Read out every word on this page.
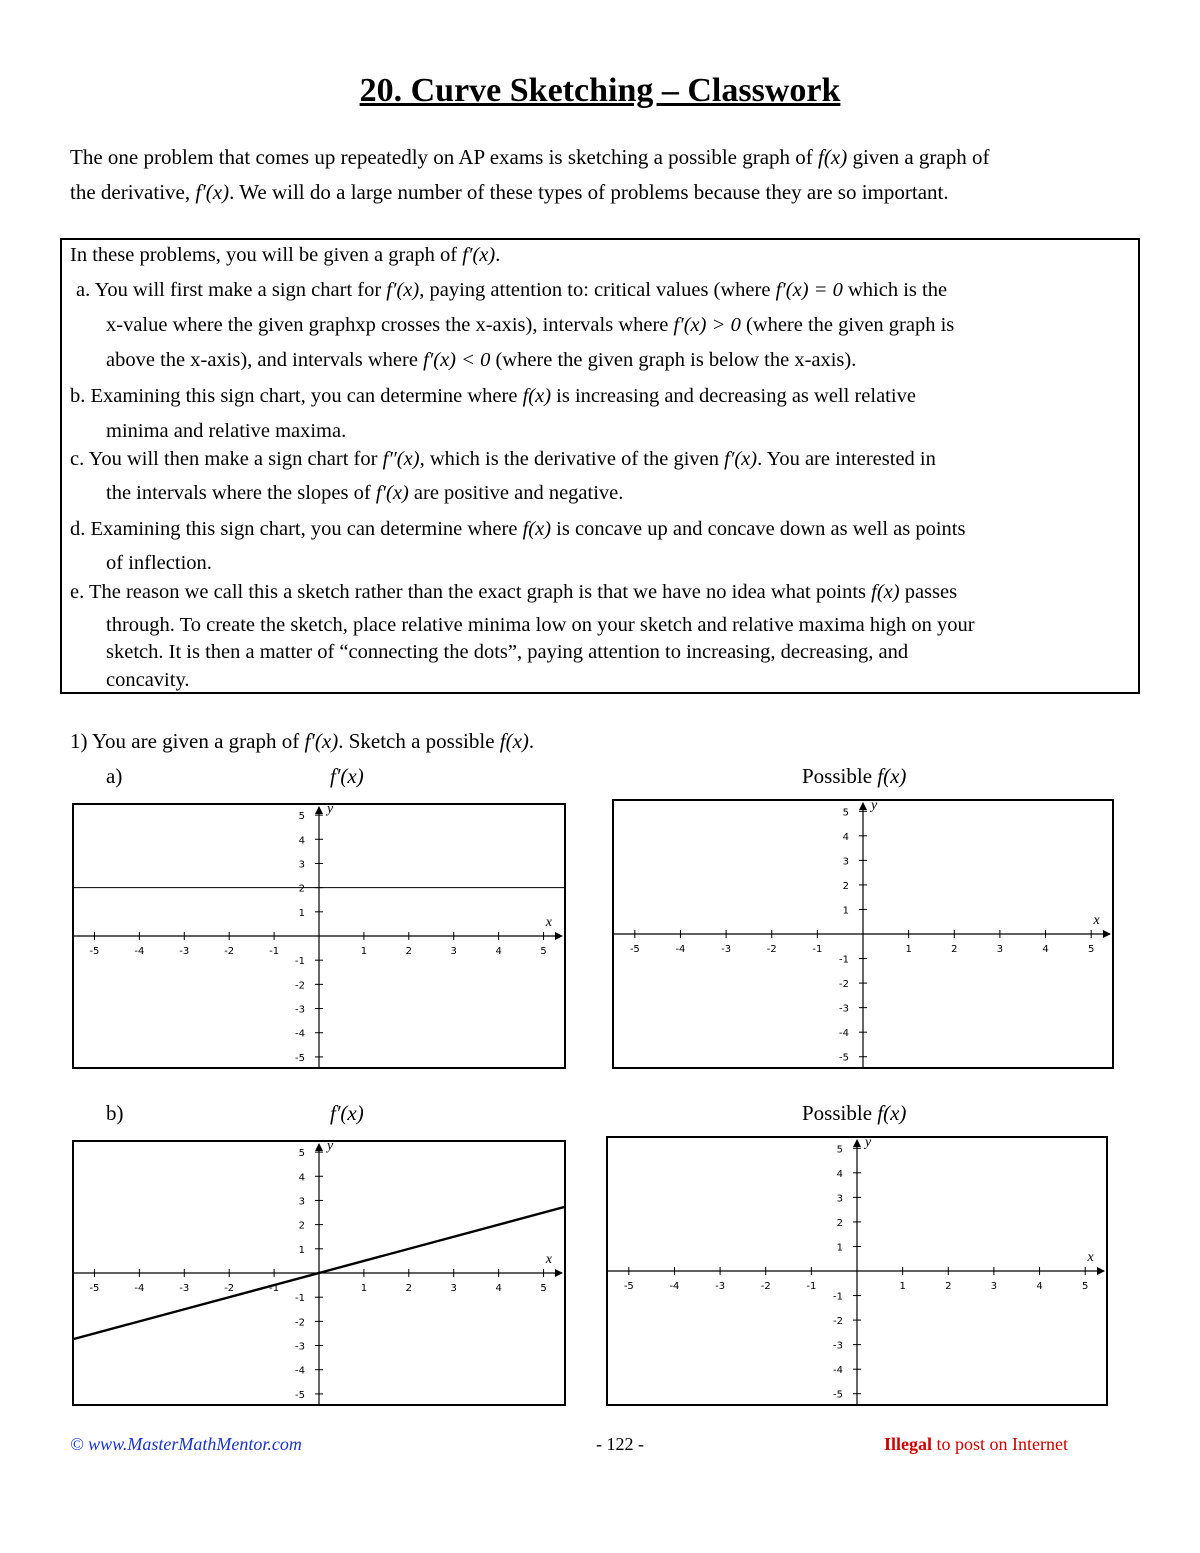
20. Curve Sketching – Classwork
The one problem that comes up repeatedly on AP exams is sketching a possible graph of f(x) given a graph of
the derivative, f′(x). We will do a large number of these types of problems because they are so important.
In these problems, you will be given a graph of f′(x).
a. You will first make a sign chart for f′(x), paying attention to: critical values (where f′(x) = 0 which is the
x-value where the given graphxp crosses the x-axis), intervals where f′(x) > 0 (where the given graph is
above the x-axis), and intervals where f′(x) < 0 (where the given graph is below the x-axis).
b. Examining this sign chart, you can determine where f(x) is increasing and decreasing as well relative
minima and relative maxima.
c. You will then make a sign chart for f″(x), which is the derivative of the given f′(x). You are interested in
the intervals where the slopes of f′(x) are positive and negative.
d. Examining this sign chart, you can determine where f(x) is concave up and concave down as well as points
of inflection.
e. The reason we call this a sketch rather than the exact graph is that we have no idea what points f(x) passes
through. To create the sketch, place relative minima low on your sketch and relative maxima high on your
sketch. It is then a matter of “connecting the dots”, paying attention to increasing, decreasing, and
concavity.
1) You are given a graph of f′(x). Sketch a possible f(x).
a)	f′(x)	Possible f(x)
b)	f′(x)	Possible f(x)
-5	-4	-3	-2	-1	1	2	3	4	5
5
4
3
2
1
-1
-2
-3
-4
-5
x
y
-5	-4	-3	-2	-1	1	2	3	4	5
5
4
3
2
1
-1
-2
-3
-4
-5
x
y
-5	-4	-3	-2	-1	1	2	3	4	5
5
4
3
2
1
-1
-2
-3
-4
-5
x
y
-5	-4	-3	-2	-1	1	2	3	4	5
5
4
3
2
1
-1
-2
-3
-4
-5
x
y
© www.MasterMathMentor.com	- 122 -	Illegal to post on Internet
